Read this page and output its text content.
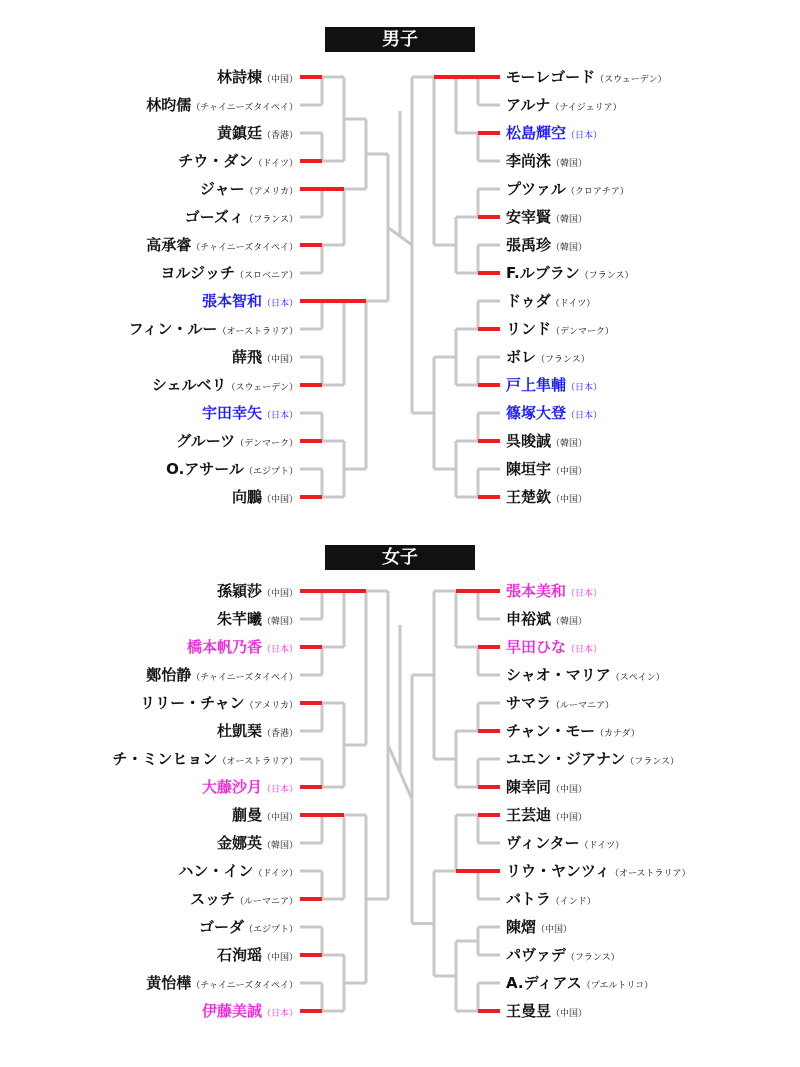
男子
女子
林詩棟（中国）
林昀儒（チャイニーズタイペイ）
黄鎮廷（香港）
チウ・ダン（ドイツ）
ジャー（アメリカ）
ゴーズィ（フランス）
高承睿（チャイニーズタイペイ）
ヨルジッチ（スロベニア）
張本智和（日本）
フィン・ルー（オーストラリア）
薛飛（中国）
シェルベリ（スウェーデン）
宇田幸矢（日本）
グルーツ（デンマーク）
O.アサール（エジプト）
向鵬（中国）
モーレゴード（スウェーデン）
アルナ（ナイジェリア）
松島輝空（日本）
李尚洙（韓国）
プツァル（クロアチア）
安宰賢（韓国）
張禹珍（韓国）
F.ルブラン（フランス）
ドゥダ（ドイツ）
リンド（デンマーク）
ボレ（フランス）
戸上隼輔（日本）
篠塚大登（日本）
呉晙誠（韓国）
陳垣宇（中国）
王楚欽（中国）
孫穎莎（中国）
朱芊曦（韓国）
橋本帆乃香（日本）
鄭怡静（チャイニーズタイペイ）
リリー・チャン（アメリカ）
杜凱琹（香港）
チ・ミンヒョン（オーストラリア）
大藤沙月（日本）
蒯曼（中国）
金娜英（韓国）
ハン・イン（ドイツ）
スッチ（ルーマニア）
ゴーダ（エジプト）
石洵瑶（中国）
黄怡樺（チャイニーズタイペイ）
伊藤美誠（日本）
張本美和（日本）
申裕斌（韓国）
早田ひな（日本）
シャオ・マリア（スペイン）
サマラ（ルーマニア）
チャン・モー（カナダ）
ユエン・ジアナン（フランス）
陳幸同（中国）
王芸迪（中国）
ヴィンター（ドイツ）
リウ・ヤンツィ（オーストラリア）
バトラ（インド）
陳熠（中国）
パヴァデ（フランス）
A.ディアス（プエルトリコ）
王曼昱（中国）
